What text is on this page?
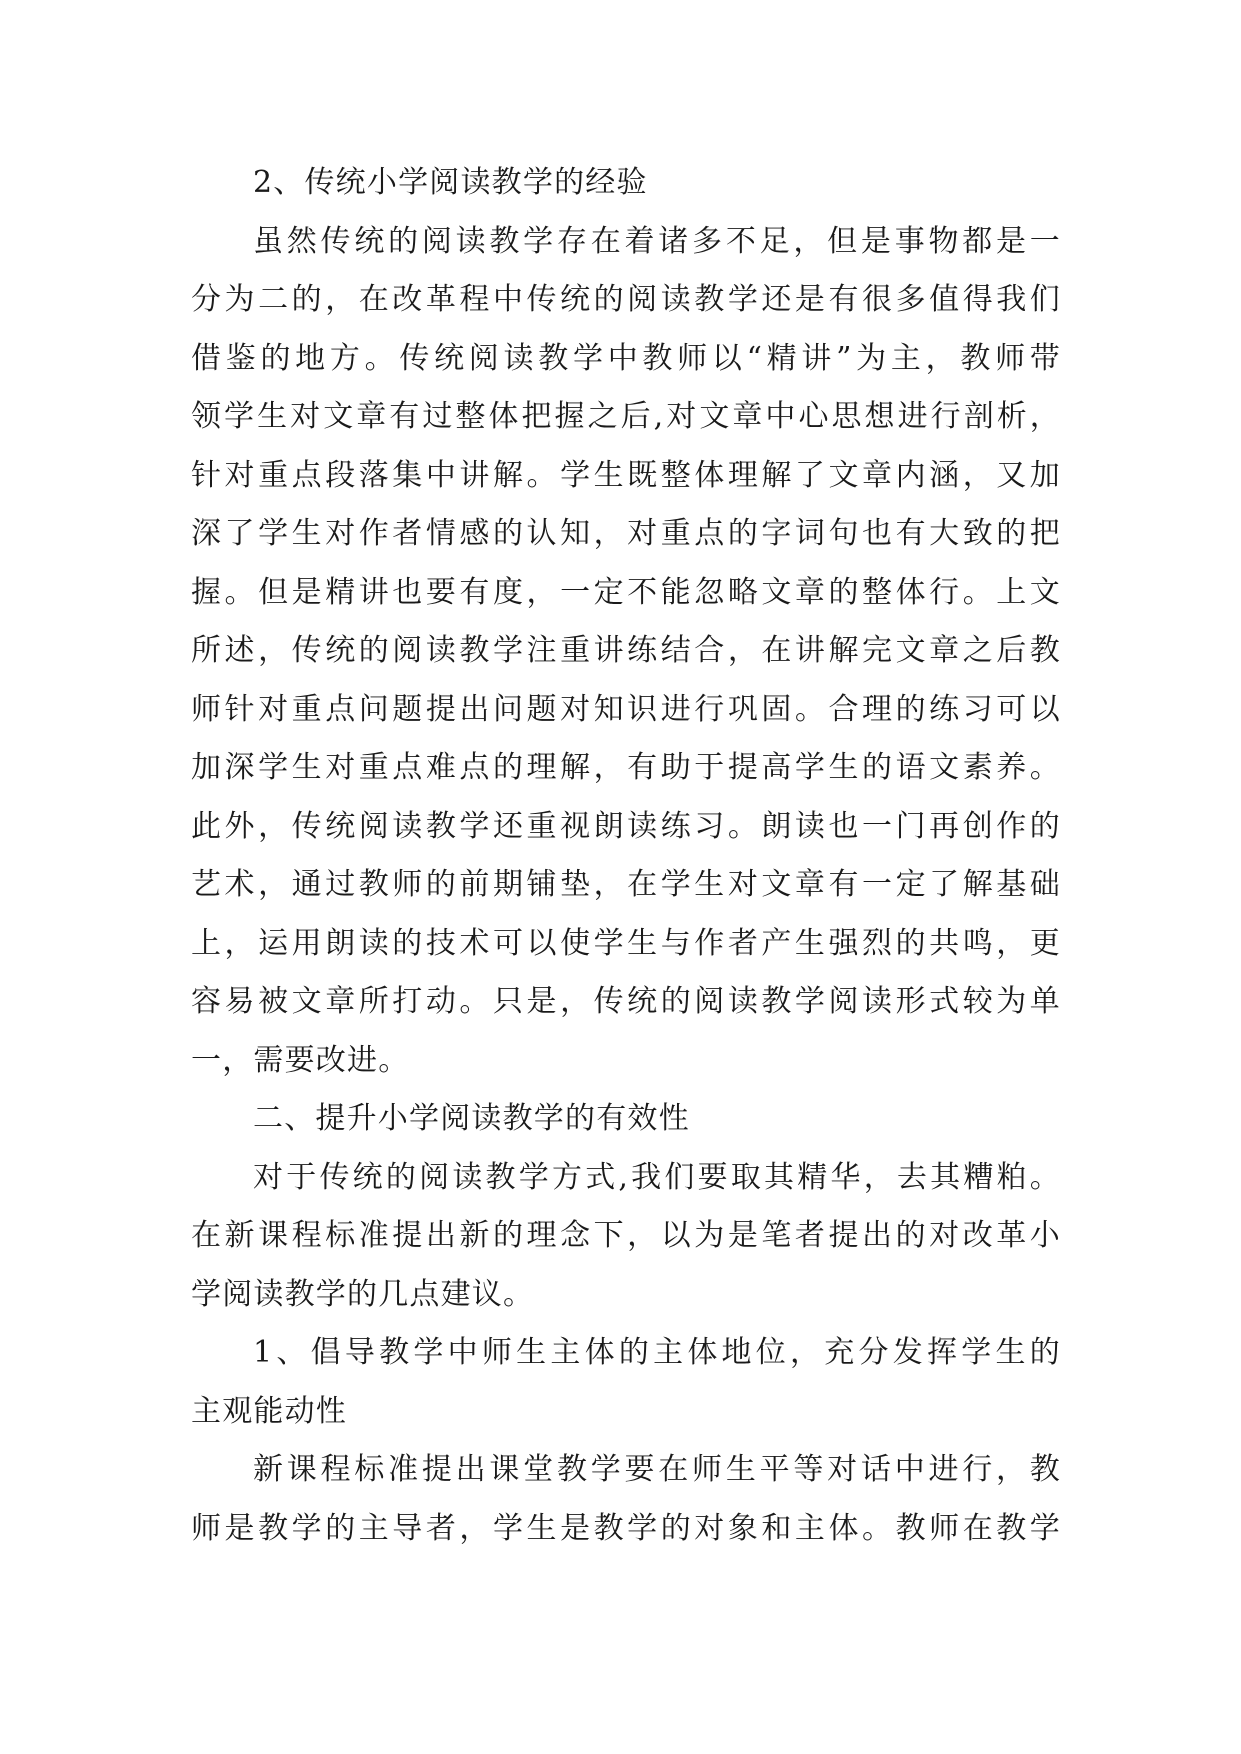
2、传统小学阅读教学的经验
虽然传统的阅读教学存在着诸多不足，但是事物都是一
分为二的，在改革程中传统的阅读教学还是有很多值得我们
借鉴的地方。传统阅读教学中教师以“精讲”为主，教师带
领学生对文章有过整体把握之后,对文章中心思想进行剖析，
针对重点段落集中讲解。学生既整体理解了文章内涵，又加
深了学生对作者情感的认知，对重点的字词句也有大致的把
握。但是精讲也要有度，一定不能忽略文章的整体行。上文
所述，传统的阅读教学注重讲练结合，在讲解完文章之后教
师针对重点问题提出问题对知识进行巩固。合理的练习可以
加深学生对重点难点的理解，有助于提高学生的语文素养。
此外，传统阅读教学还重视朗读练习。朗读也一门再创作的
艺术，通过教师的前期铺垫，在学生对文章有一定了解基础
上，运用朗读的技术可以使学生与作者产生强烈的共鸣，更
容易被文章所打动。只是，传统的阅读教学阅读形式较为单
一，需要改进。
二、提升小学阅读教学的有效性
对于传统的阅读教学方式,我们要取其精华，去其糟粕。
在新课程标准提出新的理念下，以为是笔者提出的对改革小
学阅读教学的几点建议。
1、倡导教学中师生主体的主体地位，充分发挥学生的
主观能动性
新课程标准提出课堂教学要在师生平等对话中进行，教
师是教学的主导者，学生是教学的对象和主体。教师在教学
